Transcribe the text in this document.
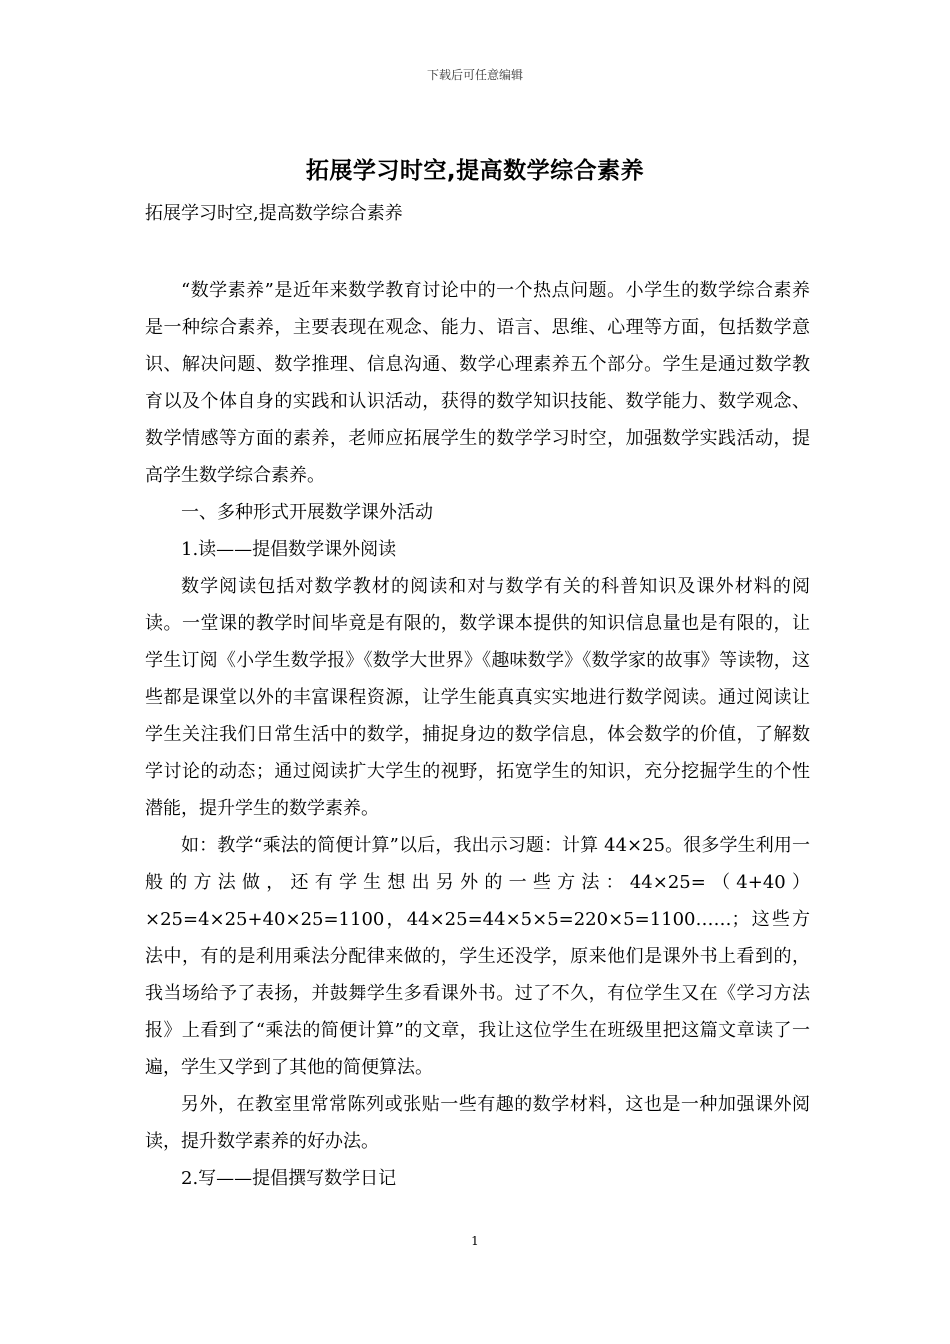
下载后可任意编辑
拓展学习时空,提高数学综合素养
拓展学习时空,提高数学综合素养

“数学素养”是近年来数学教育讨论中的一个热点问题。小学生的数学综合素养是一种综合素养，主要表现在观念、能力、语言、思维、心理等方面，包括数学意识、解决问题、数学推理、信息沟通、数学心理素养五个部分。学生是通过数学教育以及个体自身的实践和认识活动，获得的数学知识技能、数学能力、数学观念、数学情感等方面的素养，老师应拓展学生的数学学习时空，加强数学实践活动，提高学生数学综合素养。

一、多种形式开展数学课外活动

1.读——提倡数学课外阅读

数学阅读包括对数学教材的阅读和对与数学有关的科普知识及课外材料的阅读。一堂课的教学时间毕竟是有限的，数学课本提供的知识信息量也是有限的，让学生订阅《小学生数学报》《数学大世界》《趣味数学》《数学家的故事》等读物，这些都是课堂以外的丰富课程资源，让学生能真真实实地进行数学阅读。通过阅读让学生关注我们日常生活中的数学，捕捉身边的数学信息，体会数学的价值，了解数学讨论的动态；通过阅读扩大学生的视野，拓宽学生的知识，充分挖掘学生的个性潜能，提升学生的数学素养。

如：教学“乘法的简便计算”以后，我出示习题：计算 44×25。很多学生利用一般的方法做，还有学生想出另外的一些方法：44×25=（4+40）×25=4×25+40×25=1100，44×25=44×5×5=220×5=1100……；这些方法中，有的是利用乘法分配律来做的，学生还没学，原来他们是课外书上看到的，我当场给予了表扬，并鼓舞学生多看课外书。过了不久，有位学生又在《学习方法报》上看到了“乘法的简便计算”的文章，我让这位学生在班级里把这篇文章读了一遍，学生又学到了其他的简便算法。

另外，在教室里常常陈列或张贴一些有趣的数学材料，这也是一种加强课外阅读，提升数学素养的好办法。

2.写——提倡撰写数学日记

1
